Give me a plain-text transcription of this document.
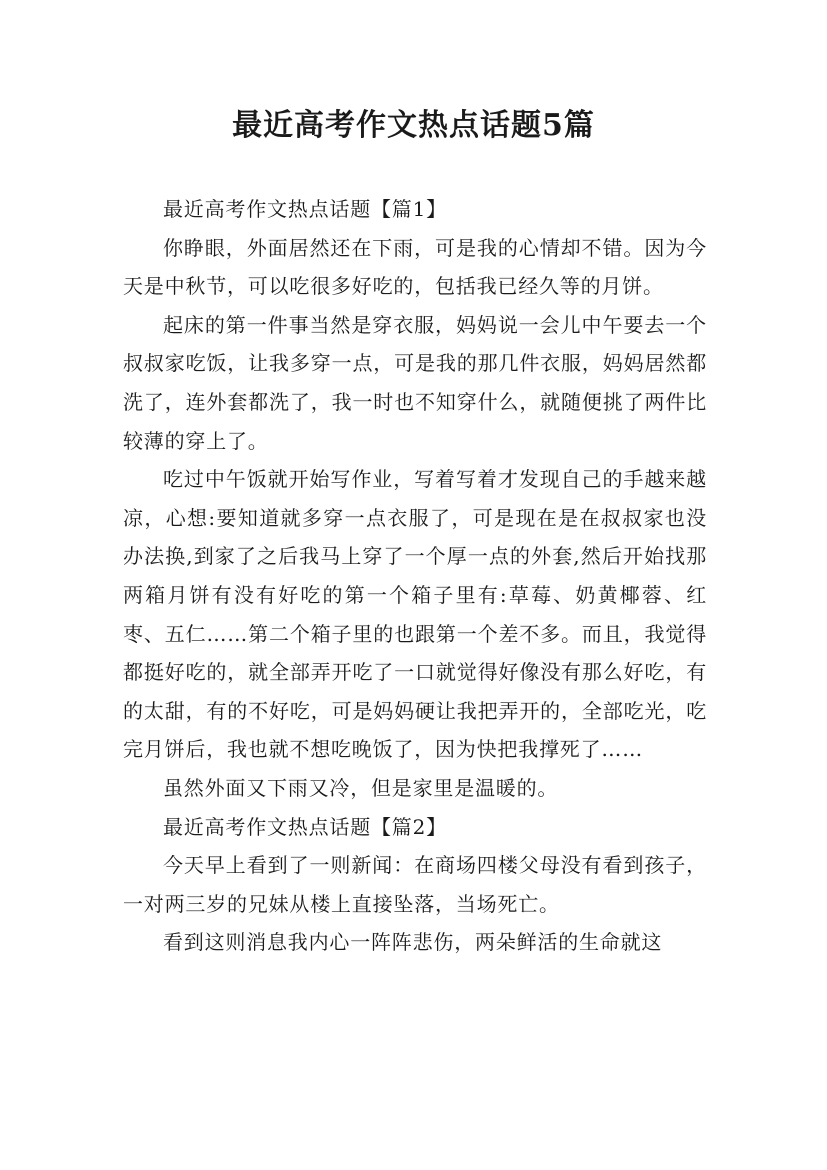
最近高考作文热点话题5篇

最近高考作文热点话题【篇1】

你睁眼，外面居然还在下雨，可是我的心情却不错。因为今天是中秋节，可以吃很多好吃的，包括我已经久等的月饼。

起床的第一件事当然是穿衣服，妈妈说一会儿中午要去一个叔叔家吃饭，让我多穿一点，可是我的那几件衣服，妈妈居然都洗了，连外套都洗了，我一时也不知穿什么，就随便挑了两件比较薄的穿上了。

吃过中午饭就开始写作业，写着写着才发现自己的手越来越凉，心想:要知道就多穿一点衣服了，可是现在是在叔叔家也没办法换,到家了之后我马上穿了一个厚一点的外套,然后开始找那两箱月饼有没有好吃的第一个箱子里有:草莓、奶黄椰蓉、红枣、五仁……第二个箱子里的也跟第一个差不多。而且，我觉得都挺好吃的，就全部弄开吃了一口就觉得好像没有那么好吃，有的太甜，有的不好吃，可是妈妈硬让我把弄开的，全部吃光，吃完月饼后，我也就不想吃晚饭了，因为快把我撑死了……

虽然外面又下雨又冷，但是家里是温暖的。

最近高考作文热点话题【篇2】

今天早上看到了一则新闻：在商场四楼父母没有看到孩子，一对两三岁的兄妹从楼上直接坠落，当场死亡。

看到这则消息我内心一阵阵悲伤，两朵鲜活的生命就这
